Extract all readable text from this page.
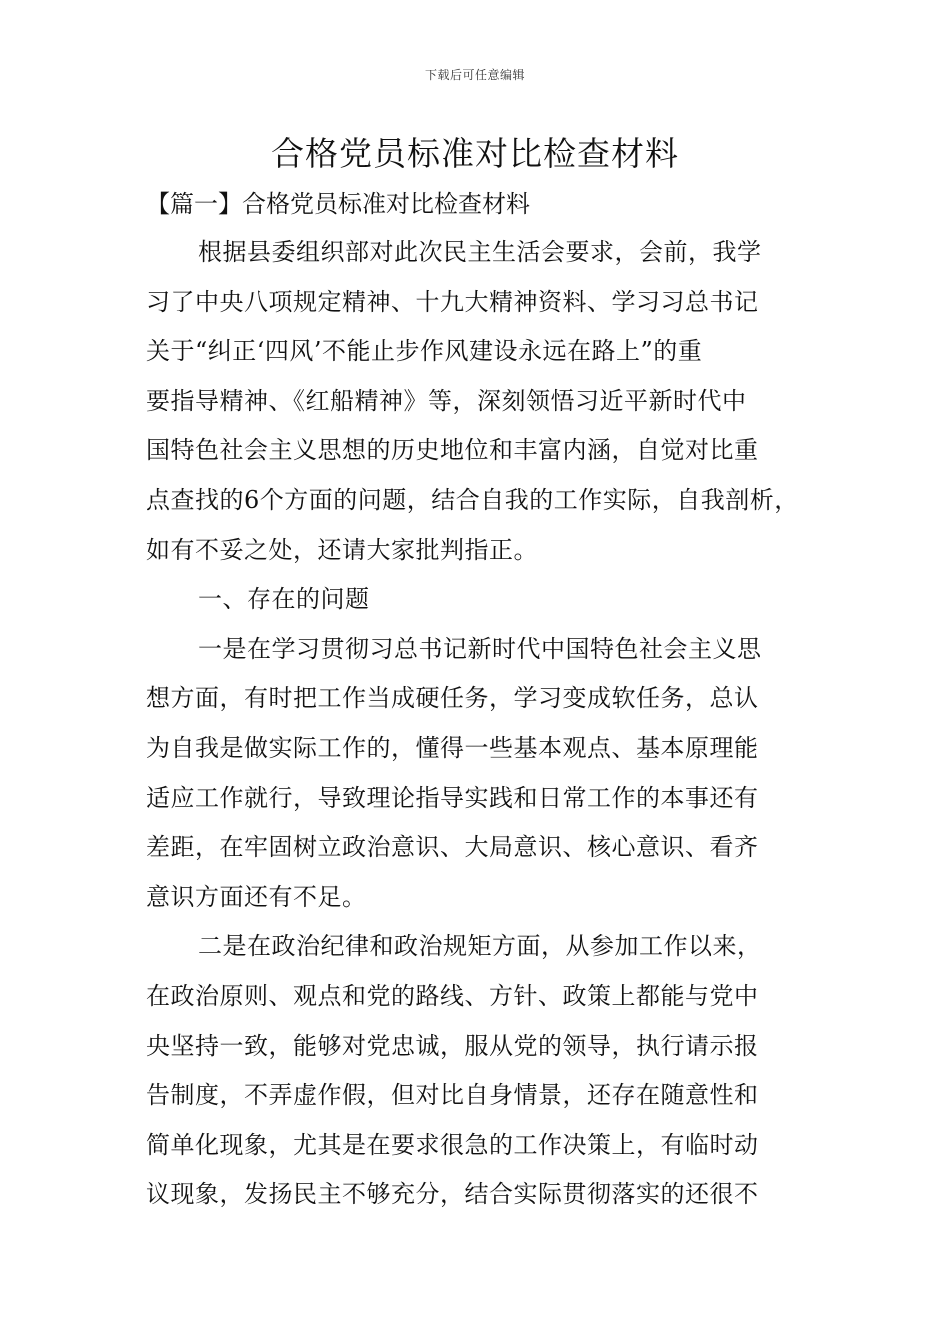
下载后可任意编辑
合格党员标准对比检查材料
【篇一】合格党员标准对比检查材料
根据县委组织部对此次民主生活会要求，会前，我学
习了中央八项规定精神、十九大精神资料、学习习总书记
关于“纠正‘四风’不能止步作风建设永远在路上”的重
要指导精神、《红船精神》等，深刻领悟习近平新时代中
国特色社会主义思想的历史地位和丰富内涵，自觉对比重
点查找的6个方面的问题，结合自我的工作实际，自我剖析，
如有不妥之处，还请大家批判指正。
一、存在的问题
一是在学习贯彻习总书记新时代中国特色社会主义思
想方面，有时把工作当成硬任务，学习变成软任务，总认
为自我是做实际工作的，懂得一些基本观点、基本原理能
适应工作就行，导致理论指导实践和日常工作的本事还有
差距，在牢固树立政治意识、大局意识、核心意识、看齐
意识方面还有不足。
二是在政治纪律和政治规矩方面，从参加工作以来，
在政治原则、观点和党的路线、方针、政策上都能与党中
央坚持一致，能够对党忠诚，服从党的领导，执行请示报
告制度，不弄虚作假，但对比自身情景，还存在随意性和
简单化现象，尤其是在要求很急的工作决策上，有临时动
议现象，发扬民主不够充分，结合实际贯彻落实的还很不
